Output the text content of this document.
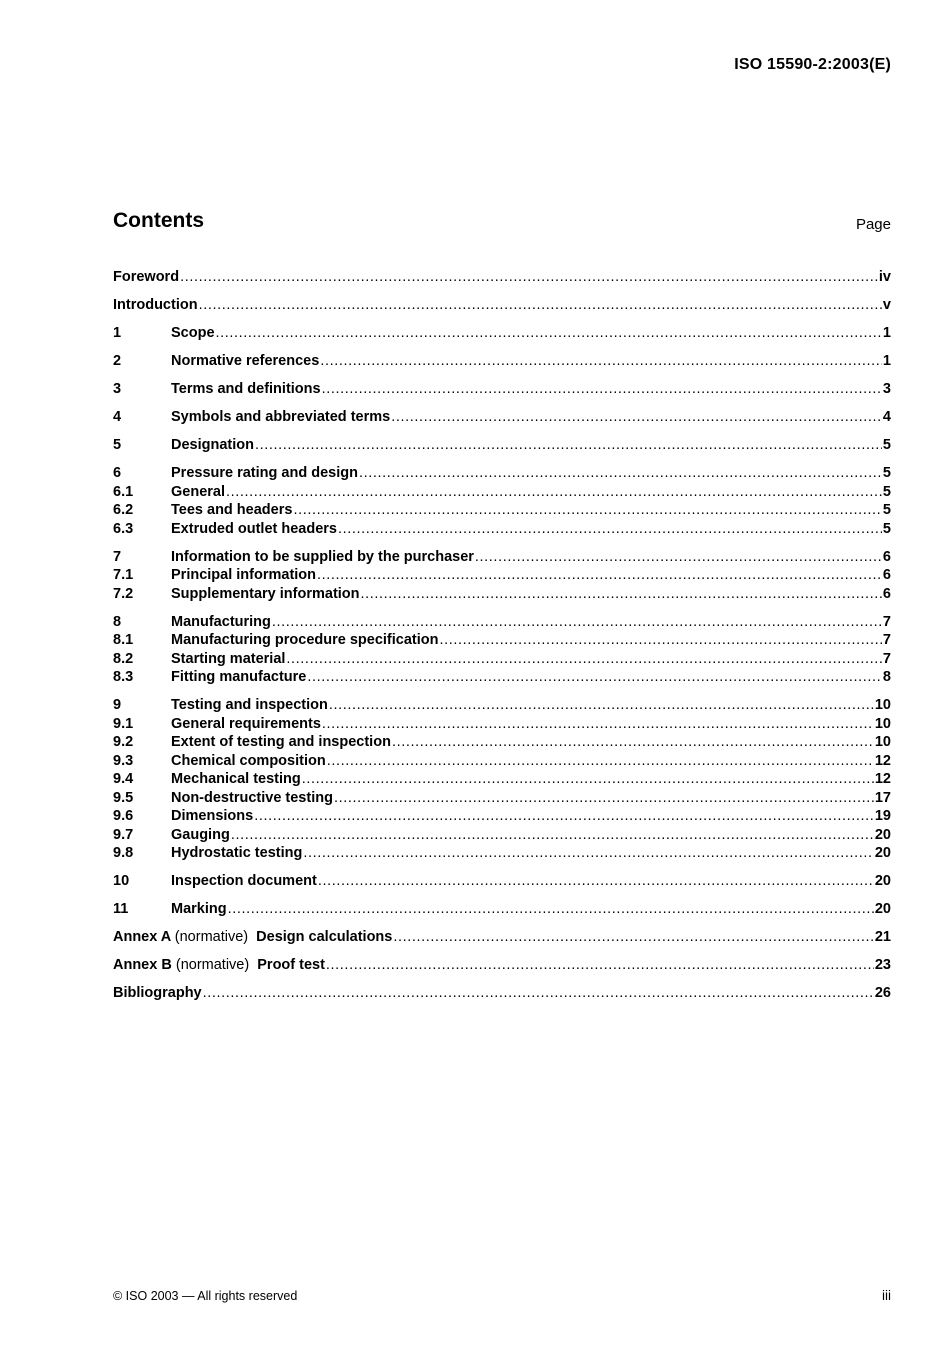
ISO 15590-2:2003(E)
Contents	Page
Foreword .....	iv
Introduction .....	v
1	Scope .....	1
2	Normative references .....	1
3	Terms and definitions .....	3
4	Symbols and abbreviated terms .....	4
5	Designation .....	5
6	Pressure rating and design .....	5
6.1	General .....	5
6.2	Tees and headers .....	5
6.3	Extruded outlet headers .....	5
7	Information to be supplied by the purchaser .....	6
7.1	Principal information .....	6
7.2	Supplementary information .....	6
8	Manufacturing .....	7
8.1	Manufacturing procedure specification .....	7
8.2	Starting material .....	7
8.3	Fitting manufacture .....	8
9	Testing and inspection .....	10
9.1	General requirements .....	10
9.2	Extent of testing and inspection .....	10
9.3	Chemical composition .....	12
9.4	Mechanical testing .....	12
9.5	Non-destructive testing .....	17
9.6	Dimensions .....	19
9.7	Gauging .....	20
9.8	Hydrostatic testing .....	20
10	Inspection document .....	20
11	Marking .....	20
Annex A (normative) Design calculations .....	21
Annex B (normative) Proof test .....	23
Bibliography .....	26
© ISO 2003 — All rights reserved	iii
